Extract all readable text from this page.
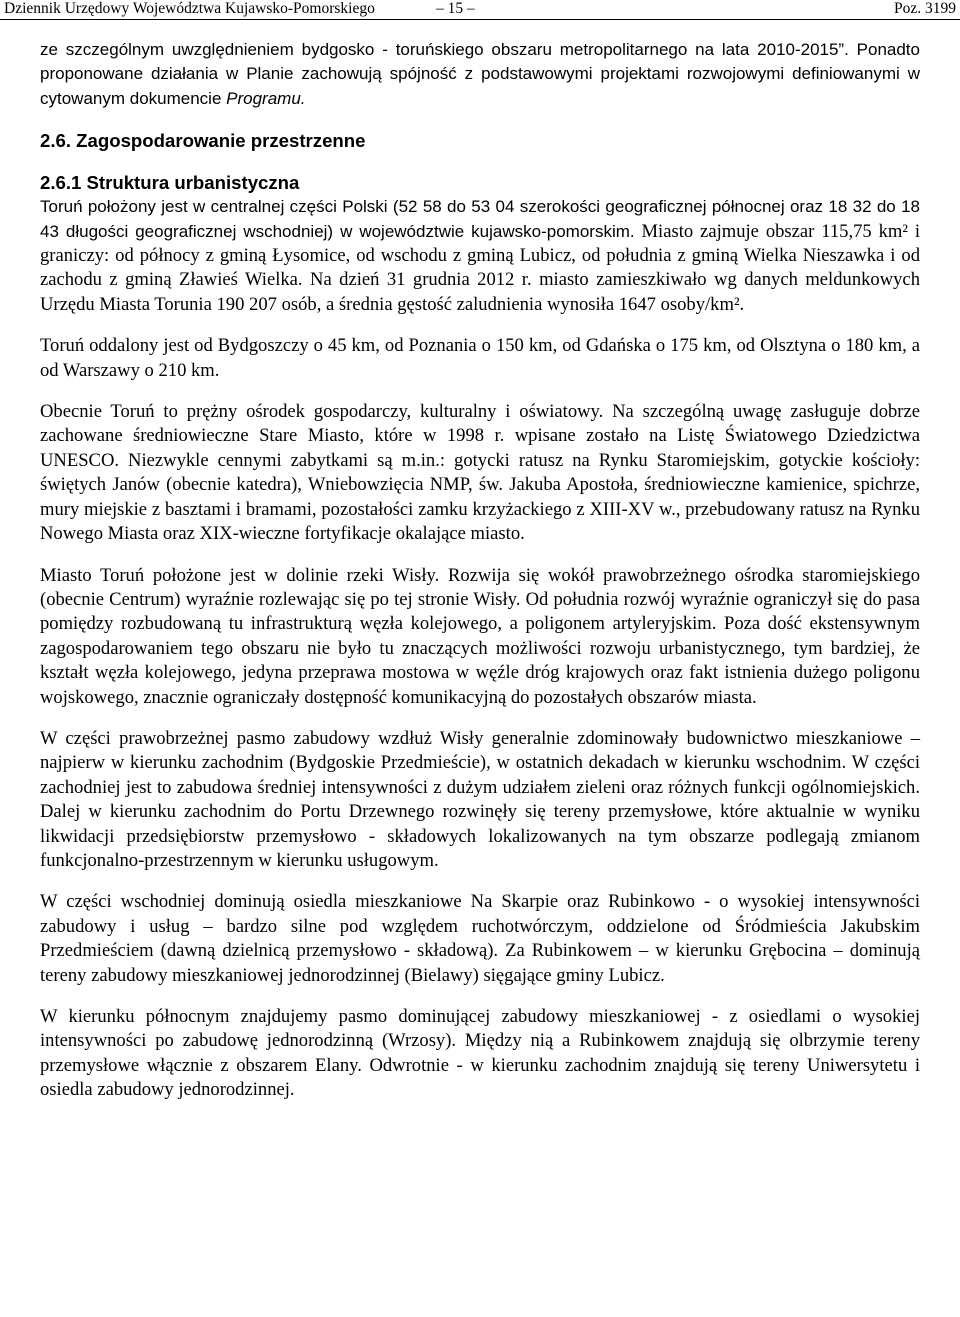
Dziennik Urzędowy Województwa Kujawsko-Pomorskiego	– 15 –	Poz. 3199

ze szczególnym uwzględnieniem bydgosko - toruńskiego obszaru metropolitarnego na lata 2010-2015”. Ponadto proponowane działania w Planie zachowują spójność z podstawowymi projektami rozwojowymi definiowanymi w cytowanym dokumencie Programu.

2.6. Zagospodarowanie przestrzenne
2.6.1 Struktura urbanistyczna

Toruń położony jest w centralnej części Polski (52 58 do 53 04 szerokości geograficznej północnej oraz 18 32 do 18 43 długości geograficznej wschodniej) w województwie kujawsko-pomorskim. Miasto zajmuje obszar 115,75 km² i graniczy: od północy z gminą Łysomice, od wschodu z gminą Lubicz, od południa z gminą Wielka Nieszawka i od zachodu z gminą Zławieś Wielka. Na dzień 31 grudnia 2012 r. miasto zamieszkiwało wg danych meldunkowych Urzędu Miasta Torunia 190 207 osób, a średnia gęstość zaludnienia wynosiła 1647 osoby/km².

Toruń oddalony jest od Bydgoszczy o 45 km, od Poznania o 150 km, od Gdańska o 175 km, od Olsztyna o 180 km, a od Warszawy o 210 km.

Obecnie Toruń to prężny ośrodek gospodarczy, kulturalny i oświatowy. Na szczególną uwagę zasługuje dobrze zachowane średniowieczne Stare Miasto, które w 1998 r. wpisane zostało na Listę Światowego Dziedzictwa UNESCO. Niezwykle cennymi zabytkami są m.in.: gotycki ratusz na Rynku Staromiejskim, gotyckie kościoły: świętych Janów (obecnie katedra), Wniebowzięcia NMP, św. Jakuba Apostoła, średniowieczne kamienice, spichrze, mury miejskie z basztami i bramami, pozostałości zamku krzyżackiego z XIII-XV w., przebudowany ratusz na Rynku Nowego Miasta oraz XIX-wieczne fortyfikacje okalające miasto.

Miasto Toruń położone jest w dolinie rzeki Wisły. Rozwija się wokół prawobrzeżnego ośrodka staromiejskiego (obecnie Centrum) wyraźnie rozlewając się po tej stronie Wisły. Od południa rozwój wyraźnie ograniczył się do pasa pomiędzy rozbudowaną tu infrastrukturą węzła kolejowego, a poligonem artyleryjskim. Poza dość ekstensywnym zagospodarowaniem tego obszaru nie było tu znaczących możliwości rozwoju urbanistycznego, tym bardziej, że kształt węzła kolejowego, jedyna przeprawa mostowa w węźle dróg krajowych oraz fakt istnienia dużego poligonu wojskowego, znacznie ograniczały dostępność komunikacyjną do pozostałych obszarów miasta.

W części prawobrzeżnej pasmo zabudowy wzdłuż Wisły generalnie zdominowały budownictwo mieszkaniowe – najpierw w kierunku zachodnim (Bydgoskie Przedmieście), w ostatnich dekadach w kierunku wschodnim. W części zachodniej jest to zabudowa średniej intensywności z dużym udziałem zieleni oraz różnych funkcji ogólnomiejskich. Dalej w kierunku zachodnim do Portu Drzewnego rozwinęły się tereny przemysłowe, które aktualnie w wyniku likwidacji przedsiębiorstw przemysłowo - składowych lokalizowanych na tym obszarze podlegają zmianom funkcjonalno-przestrzennym w kierunku usługowym.

W części wschodniej dominują osiedla mieszkaniowe Na Skarpie oraz Rubinkowo - o wysokiej intensywności zabudowy i usług – bardzo silne pod względem ruchotwórczym, oddzielone od Śródmieścia Jakubskim Przedmieściem (dawną dzielnicą przemysłowo - składową). Za Rubinkowem – w kierunku Grębocina – dominują tereny zabudowy mieszkaniowej jednorodzinnej (Bielawy) sięgające gminy Lubicz.

W kierunku północnym znajdujemy pasmo dominującej zabudowy mieszkaniowej - z osiedlami o wysokiej intensywności po zabudowę jednorodzinną (Wrzosy). Między nią a Rubinkowem znajdują się olbrzymie tereny przemysłowe włącznie z obszarem Elany. Odwrotnie - w kierunku zachodnim znajdują się tereny Uniwersytetu i osiedla zabudowy jednorodzinnej.
